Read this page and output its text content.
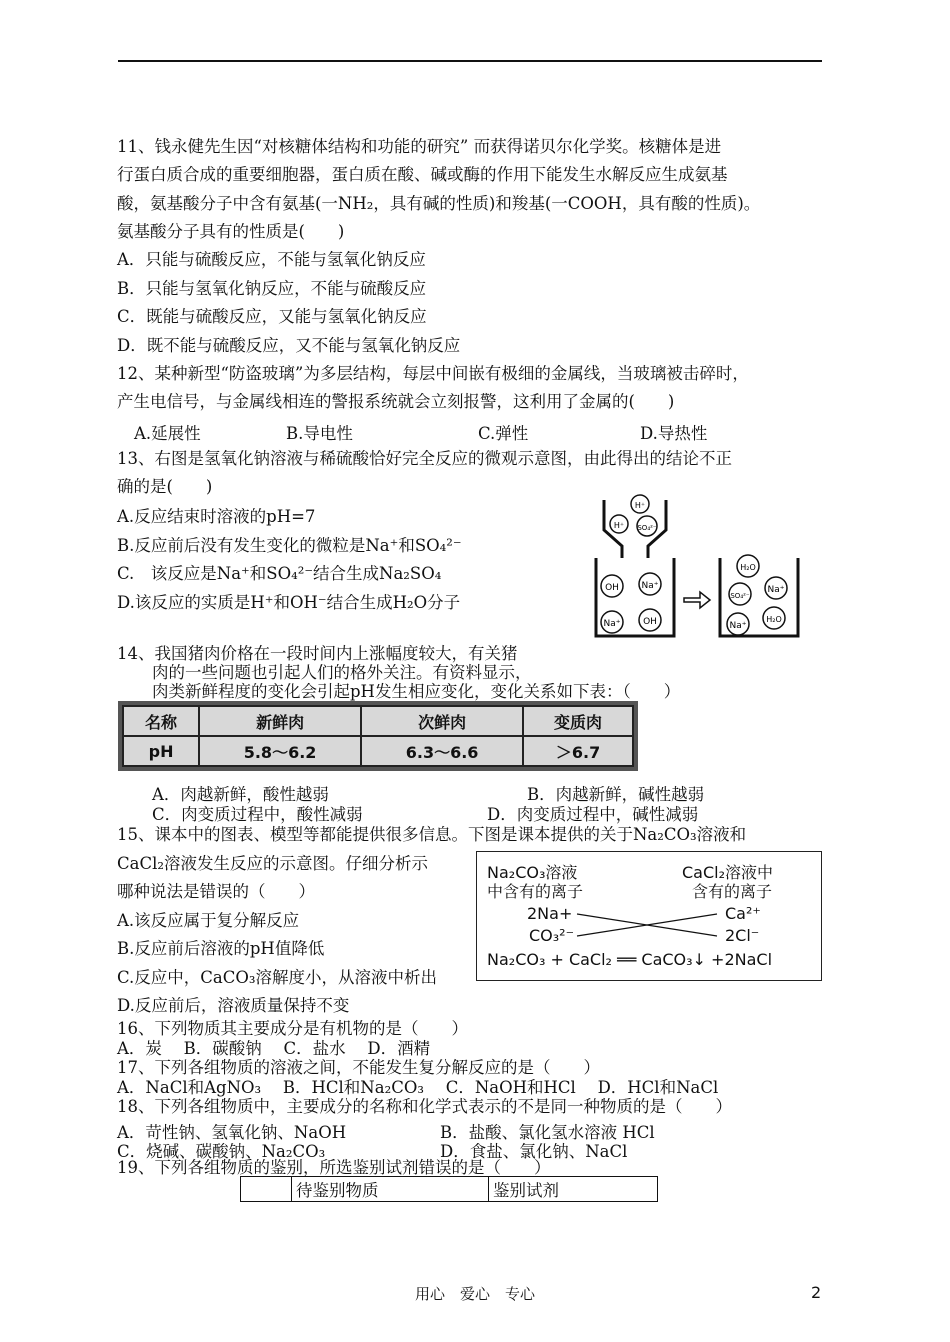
11、钱永健先生因“对核糖体结构和功能的研究” 而获得诺贝尔化学奖。核糖体是进
行蛋白质合成的重要细胞器，蛋白质在酸、碱或酶的作用下能发生水解反应生成氨基
酸，氨基酸分子中含有氨基(一NH₂，具有碱的性质)和羧基(一COOH，具有酸的性质)。
氨基酸分子具有的性质是(　　)
A．只能与硫酸反应，不能与氢氧化钠反应
B．只能与氢氧化钠反应，不能与硫酸反应
C．既能与硫酸反应，又能与氢氧化钠反应
D．既不能与硫酸反应，又不能与氢氧化钠反应
12、某种新型“防盗玻璃”为多层结构，每层中间嵌有极细的金属线，当玻璃被击碎时，
产生电信号，与金属线相连的警报系统就会立刻报警，这利用了金属的(　　)
A.延展性	B.导电性	C.弹性	D.导热性
13、右图是氢氧化钠溶液与稀硫酸恰好完全反应的微观示意图，由此得出的结论不正
确的是(　　)
A.反应结束时溶液的pH=7
B.反应前后没有发生变化的微粒是Na⁺和SO₄²⁻
C.　该反应是Na⁺和SO₄²⁻结合生成Na₂SO₄
D.该反应的实质是H⁺和OH⁻结合生成H₂O分子
H⁺
H⁺ SO₄²⁻
OH	Na⁺
Na⁺	OH
H₂O
SO₄²⁻
Na⁺
Na⁺
H₂O
14、我国猪肉价格在一段时间内上涨幅度较大，有关猪
肉的一些问题也引起人们的格外关注。有资料显示，
肉类新鲜程度的变化会引起pH发生相应变化，变化关系如下表：（　　）
名称	新鲜肉	次鲜肉	变质肉
pH	5.8～6.2	6.3～6.6	＞6.7
A．肉越新鲜，酸性越弱	B．肉越新鲜，碱性越弱
C．肉变质过程中，酸性减弱	D．肉变质过程中，碱性减弱
15、课本中的图表、模型等都能提供很多信息。下图是课本提供的关于Na₂CO₃溶液和
CaCl₂溶液发生反应的示意图。仔细分析示
哪种说法是错误的（　　）
A.该反应属于复分解反应
B.反应前后溶液的pH值降低
C.反应中，CaCO₃溶解度小，从溶液中析出
D.反应前后，溶液质量保持不变
Na₂CO₃溶液
中含有的离子
CaCl₂溶液中
含有的离子
2Na+
CO₃²⁻
Ca²⁺
2Cl⁻
Na₂CO₃ + CaCl₂ ══ CaCO₃↓ +2NaCl
16、下列物质其主要成分是有机物的是（　　）
A．炭　 B．碳酸钠　 C．盐水　 D．酒精
17、下列各组物质的溶液之间，不能发生复分解反应的是（　　）
A．NaCl和AgNO₃　 B．HCl和Na₂CO₃　 C．NaOH和HCl　 D．HCl和NaCl
18、下列各组物质中，主要成分的名称和化学式表示的不是同一种物质的是（　　）
A．苛性钠、氢氧化钠、NaOH	B．盐酸、氯化氢水溶液 HCl
C．烧碱、碳酸钠、Na₂CO₃	D．食盐、氯化钠、NaCl
19、下列各组物质的鉴别，所选鉴别试剂错误的是（　　）
	待鉴别物质	鉴别试剂
用心　爱心　专心	2
